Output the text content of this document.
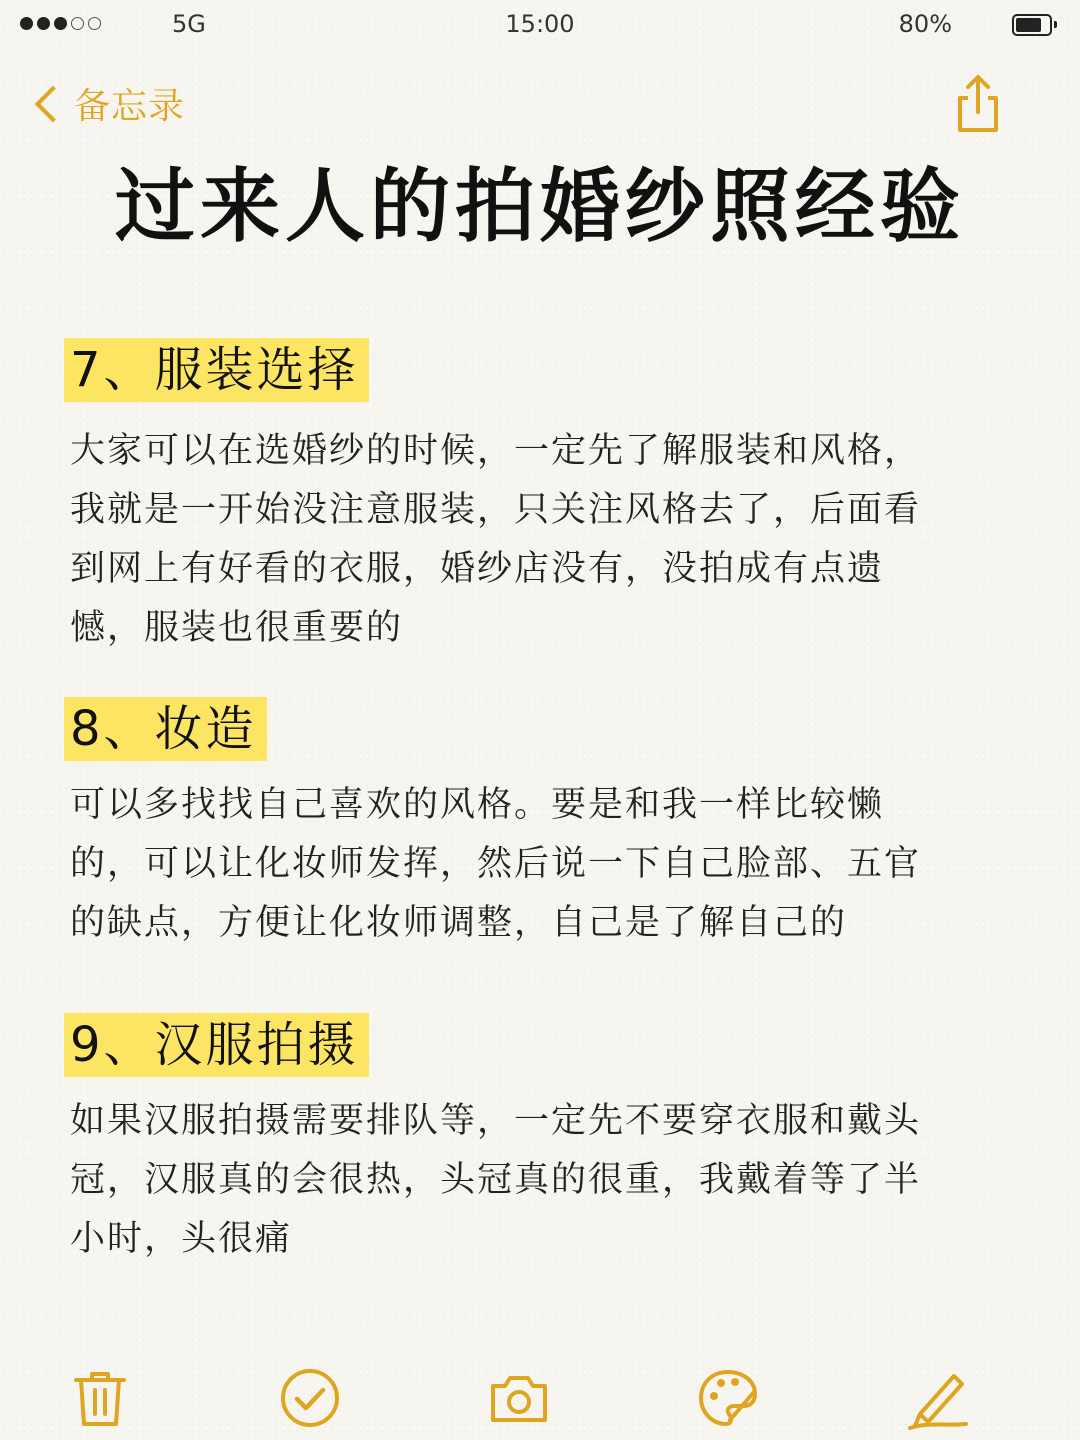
5G	15:00	80%
备忘录
过来人的拍婚纱照经验
7、服装选择

大家可以在选婚纱的时候，一定先了解服装和风格，
我就是一开始没注意服装，只关注风格去了，后面看
到网上有好看的衣服，婚纱店没有，没拍成有点遗
憾，服装也很重要的

8、妆造

可以多找找自己喜欢的风格。要是和我一样比较懒
的，可以让化妆师发挥，然后说一下自己脸部、五官
的缺点，方便让化妆师调整，自己是了解自己的

9、汉服拍摄

如果汉服拍摄需要排队等，一定先不要穿衣服和戴头
冠，汉服真的会很热，头冠真的很重，我戴着等了半
小时，头很痛
